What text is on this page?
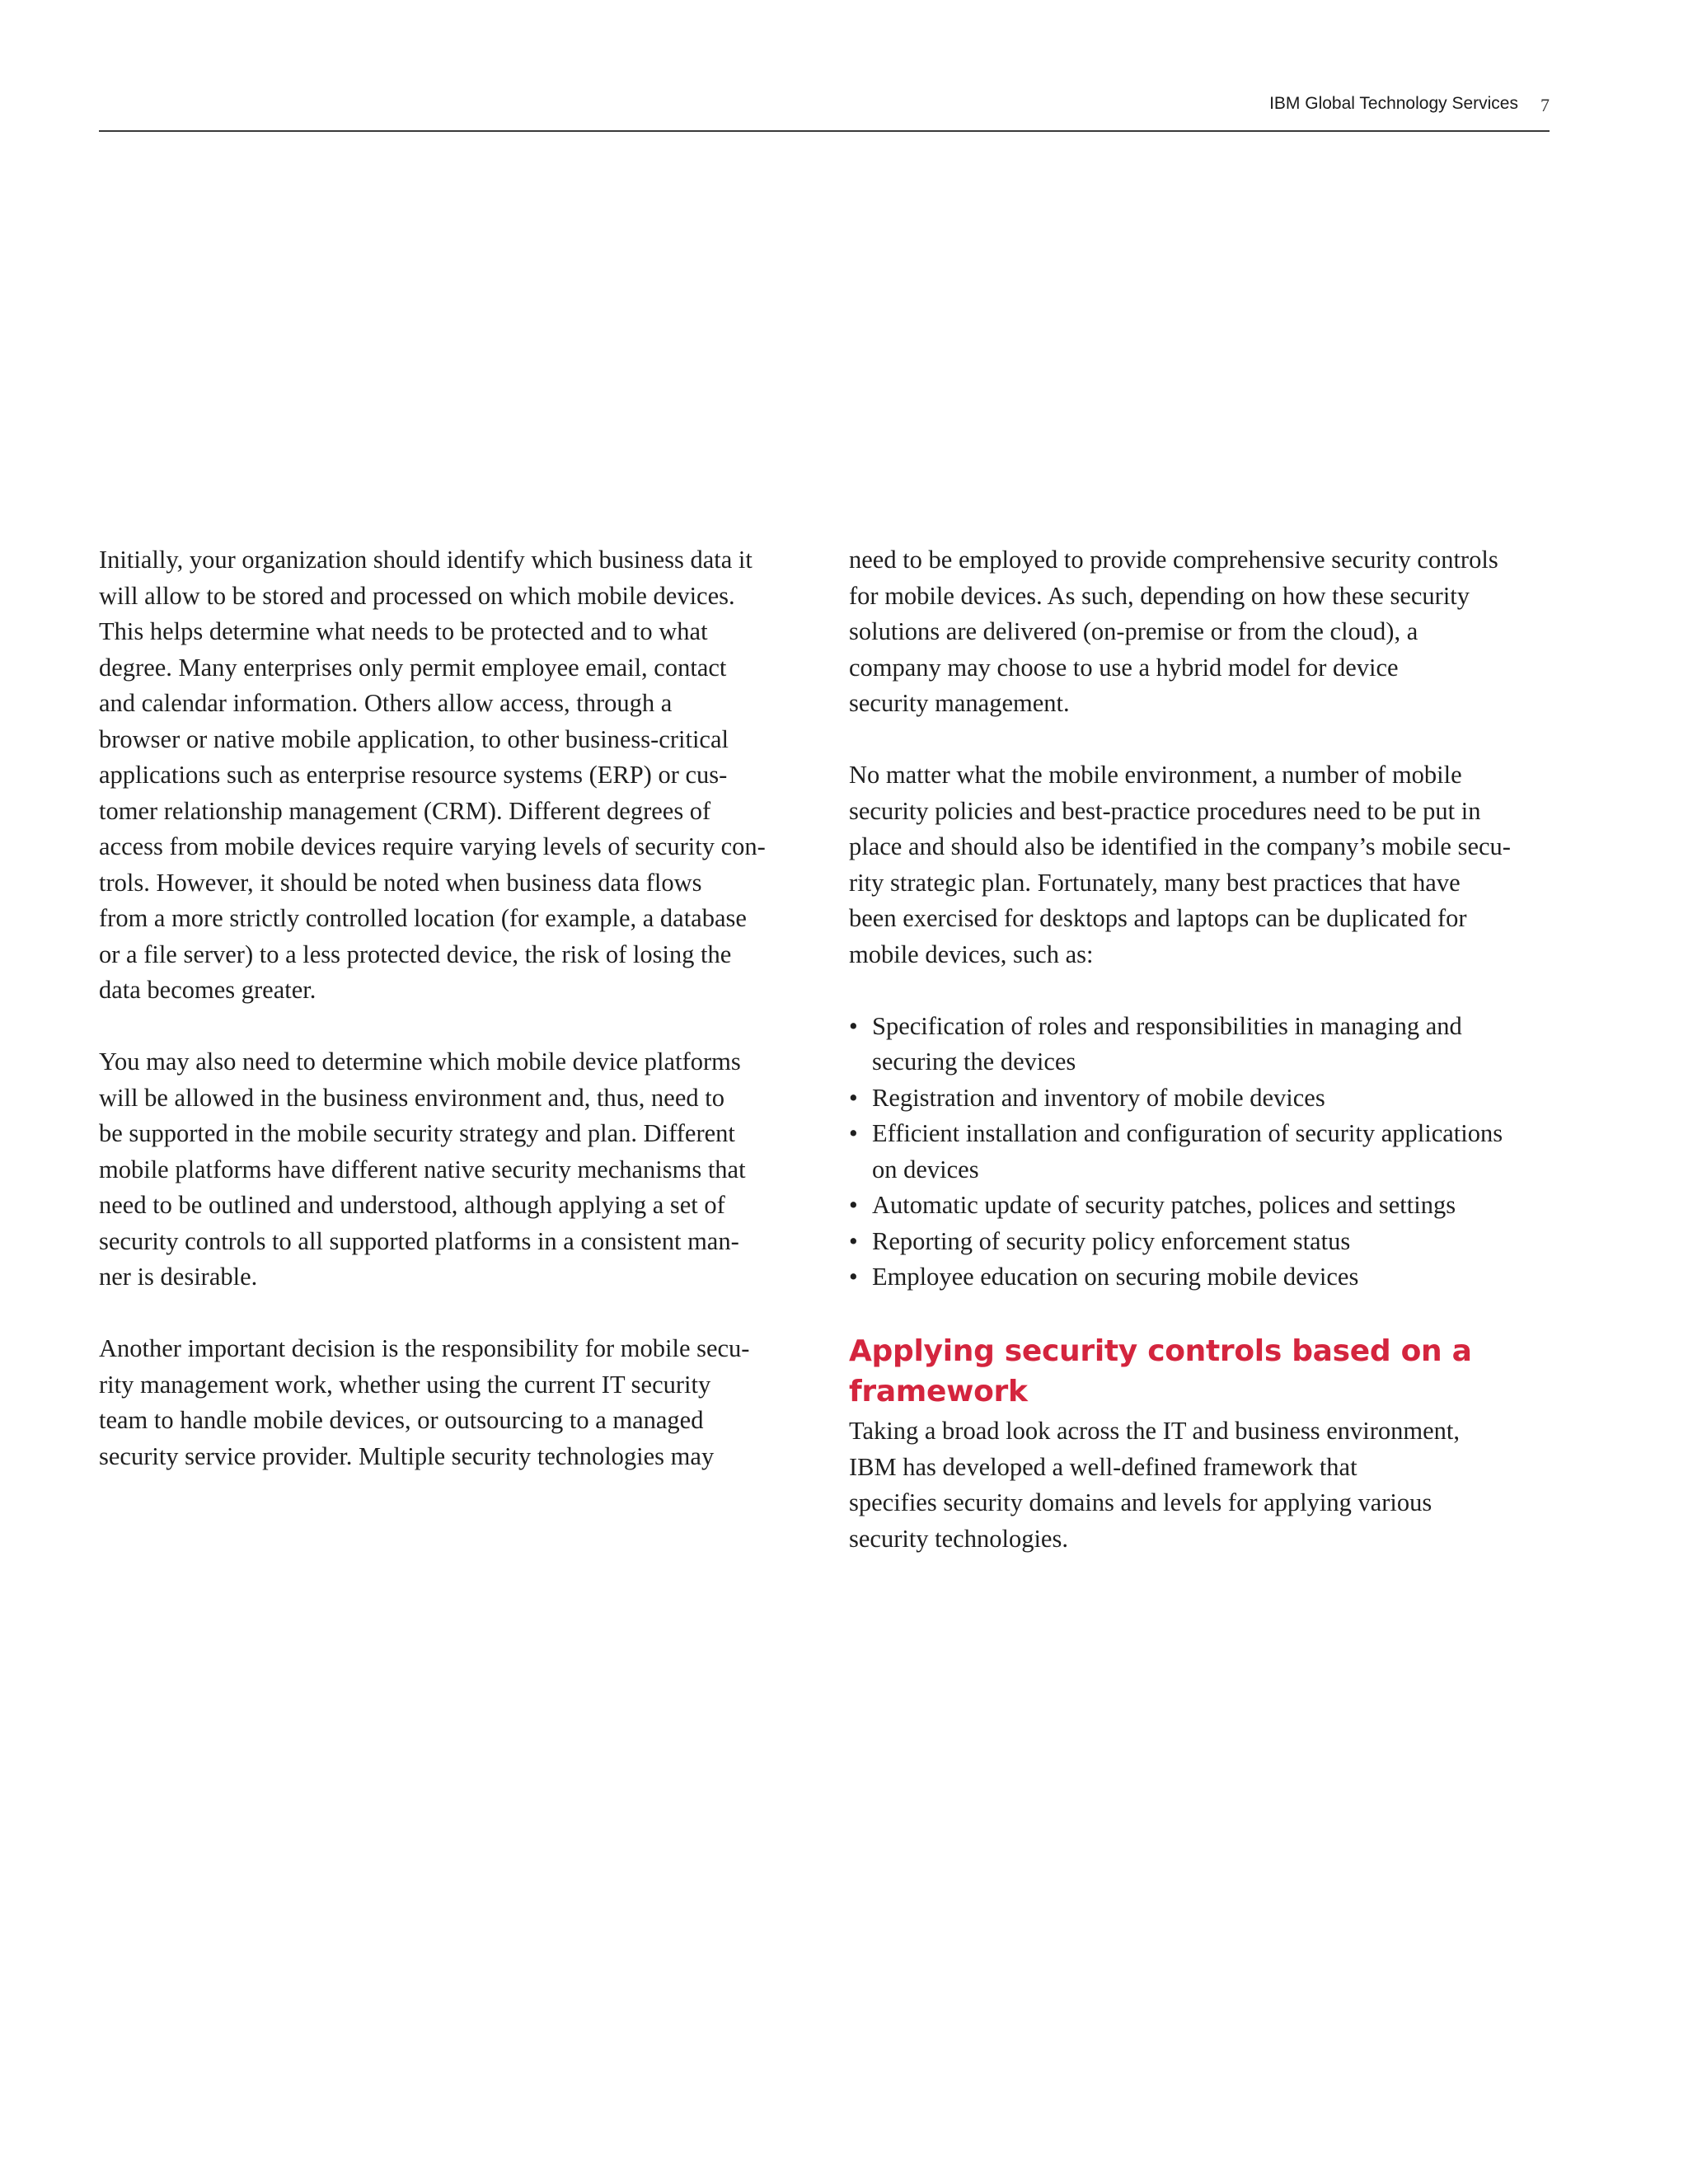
IBM Global Technology Services 7

Initially, your organization should identify which business data it
will allow to be stored and processed on which mobile devices.
This helps determine what needs to be protected and to what
degree. Many enterprises only permit employee email, contact
and calendar information. Others allow access, through a
browser or native mobile application, to other business-critical
applications such as enterprise resource systems (ERP) or cus-
tomer relationship management (CRM). Different degrees of
access from mobile devices require varying levels of security con-
trols. However, it should be noted when business data flows
from a more strictly controlled location (for example, a database
or a file server) to a less protected device, the risk of losing the
data becomes greater.

You may also need to determine which mobile device platforms
will be allowed in the business environment and, thus, need to
be supported in the mobile security strategy and plan. Different
mobile platforms have different native security mechanisms that
need to be outlined and understood, although applying a set of
security controls to all supported platforms in a consistent man-
ner is desirable.

Another important decision is the responsibility for mobile secu-
rity management work, whether using the current IT security
team to handle mobile devices, or outsourcing to a managed
security service provider. Multiple security technologies may

need to be employed to provide comprehensive security controls
for mobile devices. As such, depending on how these security
solutions are delivered (on-premise or from the cloud), a
company may choose to use a hybrid model for device
security management.

No matter what the mobile environment, a number of mobile
security policies and best-practice procedures need to be put in
place and should also be identified in the company’s mobile secu-
rity strategic plan. Fortunately, many best practices that have
been exercised for desktops and laptops can be duplicated for
mobile devices, such as:

• Specification of roles and responsibilities in managing and
securing the devices
• Registration and inventory of mobile devices
• Efficient installation and configuration of security applications
on devices
• Automatic update of security patches, polices and settings
• Reporting of security policy enforcement status
• Employee education on securing mobile devices
Applying security controls based on a
framework

Taking a broad look across the IT and business environment,
IBM has developed a well-defined framework that
specifies security domains and levels for applying various
security technologies.
